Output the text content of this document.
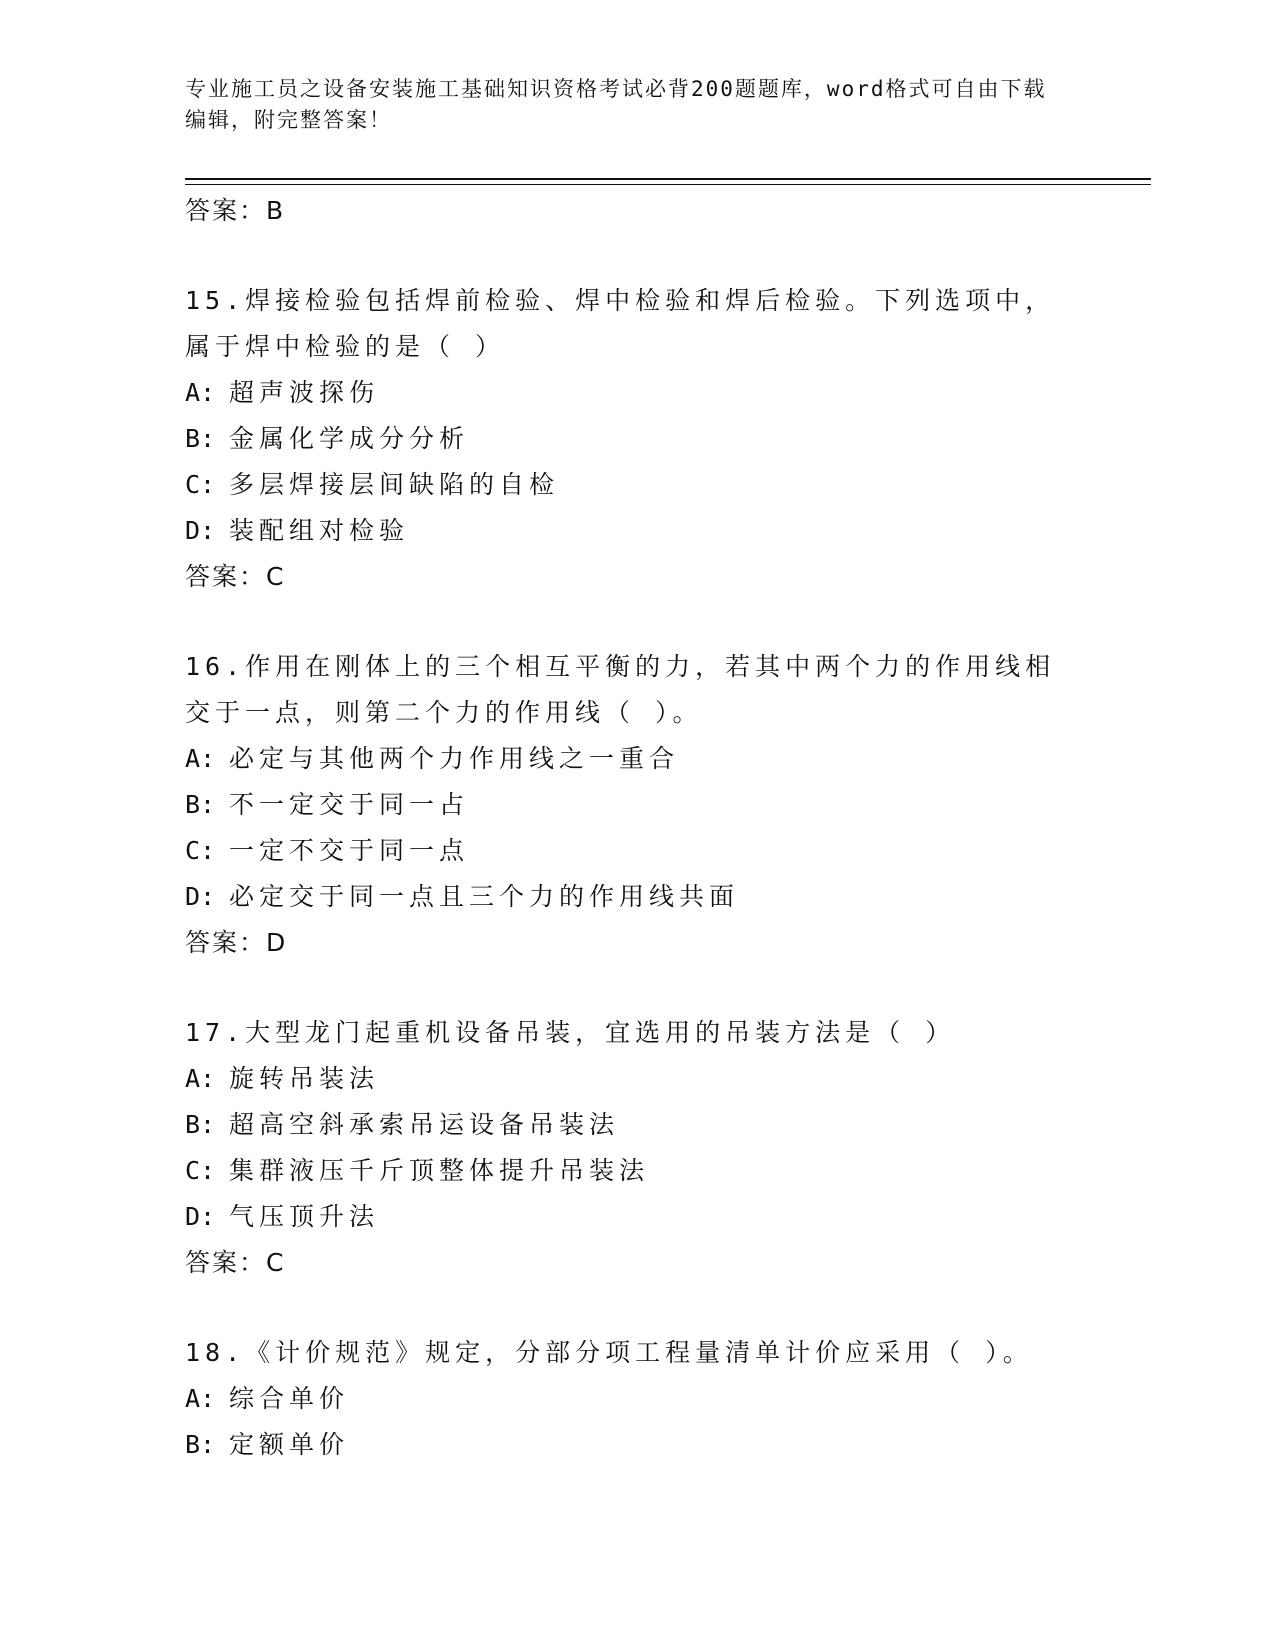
专业施工员之设备安装施工基础知识资格考试必背200题题库，word格式可自由下载编辑，附完整答案！
答案：B
15.焊接检验包括焊前检验、焊中检验和焊后检验。下列选项中，属于焊中检验的是（ ）
A: 超声波探伤
B: 金属化学成分分析
C: 多层焊接层间缺陷的自检
D: 装配组对检验
答案：C
16.作用在刚体上的三个相互平衡的力，若其中两个力的作用线相交于一点，则第二个力的作用线（ ）。
A: 必定与其他两个力作用线之一重合
B: 不一定交于同一占
C: 一定不交于同一点
D: 必定交于同一点且三个力的作用线共面
答案：D
17.大型龙门起重机设备吊装，宜选用的吊装方法是（ ）
A: 旋转吊装法
B: 超高空斜承索吊运设备吊装法
C: 集群液压千斤顶整体提升吊装法
D: 气压顶升法
答案：C
18.《计价规范》规定，分部分项工程量清单计价应采用（ ）。
A: 综合单价
B: 定额单价
